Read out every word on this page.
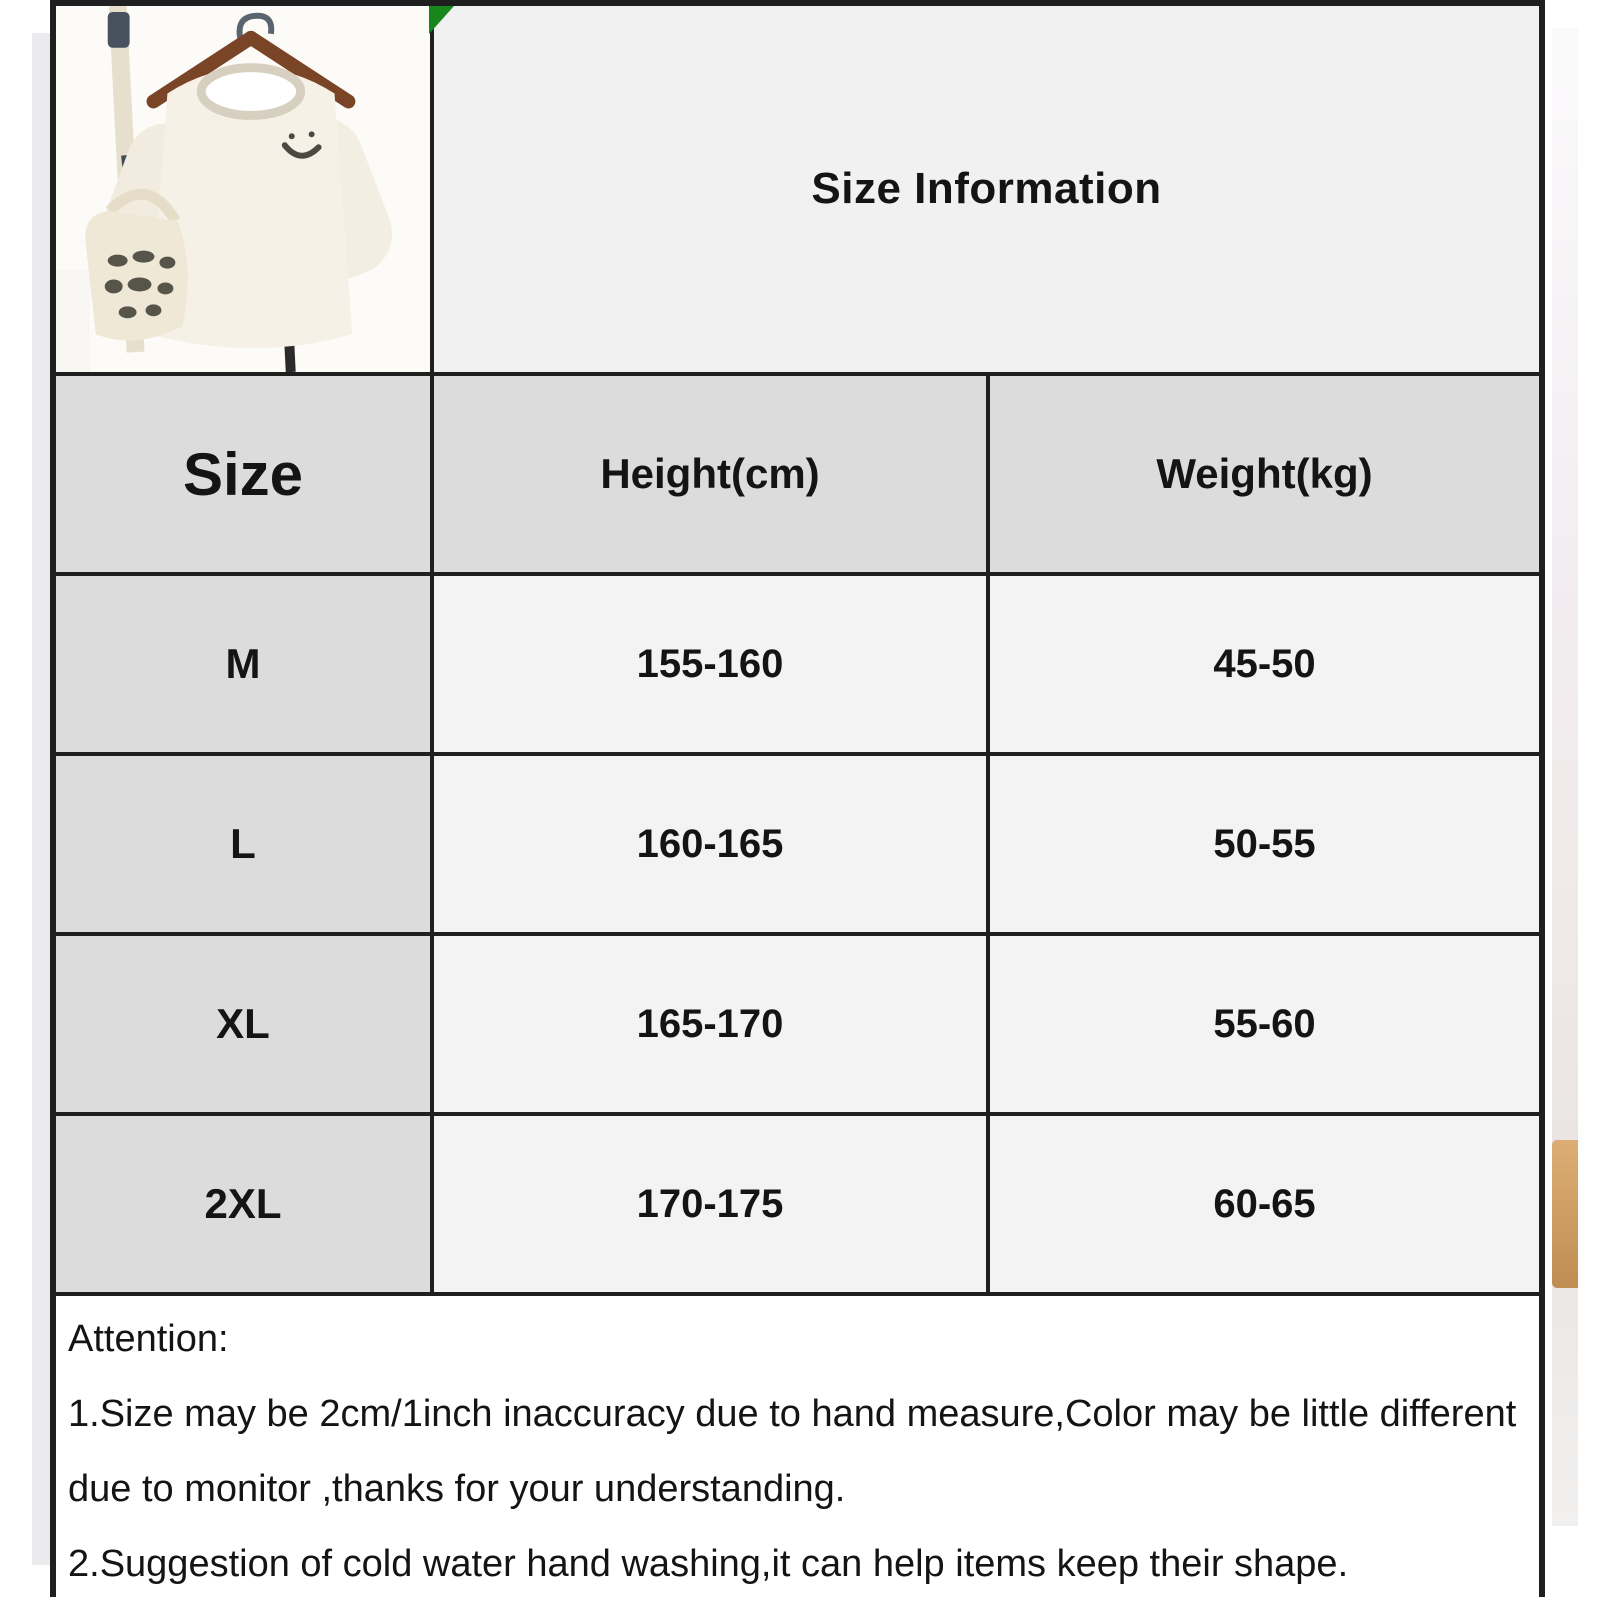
Size Information
Size	Height(cm)	Weight(kg)
M	155-160	45-50
L	160-165	50-55
XL	165-170	55-60
2XL	170-175	60-65
Attention:
1.Size may be 2cm/1inch inaccuracy due to hand measure,Color may be little different due to monitor ,thanks for your understanding.
2.Suggestion of cold water hand washing,it can help items keep their shape.
